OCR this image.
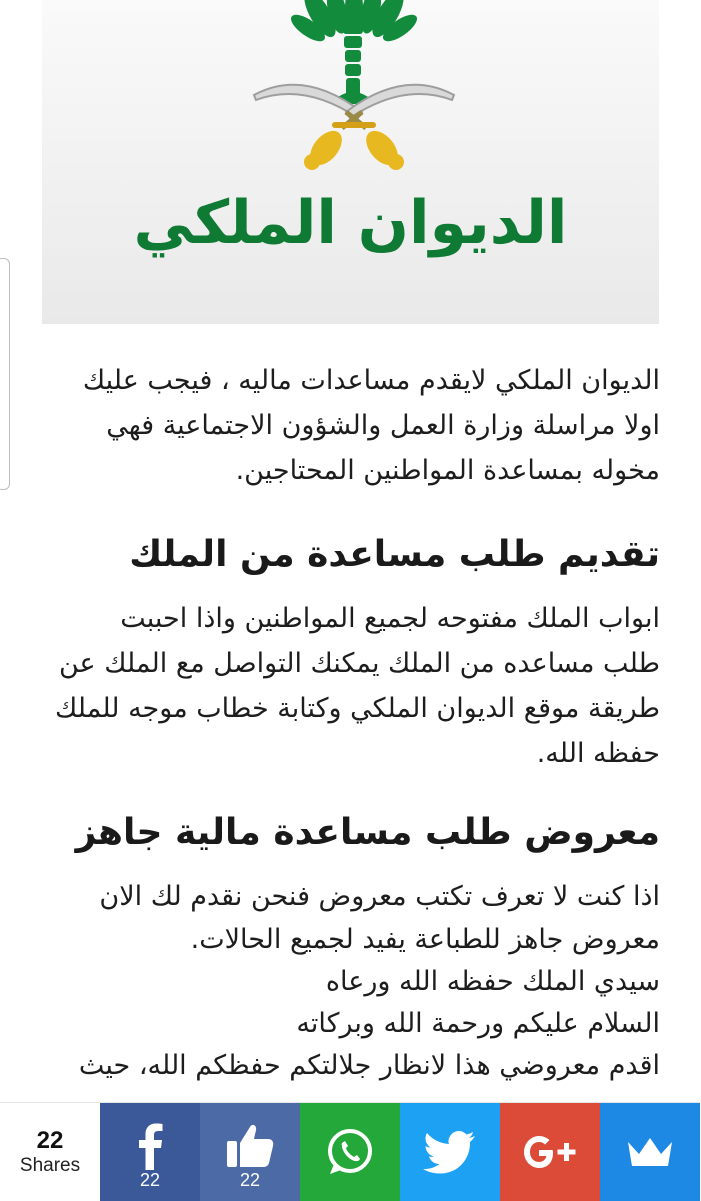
الديوان الملكي

الديوان الملكي لايقدم مساعدات ماليه ، فيجب عليك

اولا مراسلة وزارة العمل والشؤون الاجتماعية فهي

مخوله بمساعدة المواطنين المحتاجين.

تقديم طلب مساعدة من الملك

ابواب الملك مفتوحه لجميع المواطنين واذا احببت

طلب مساعده من الملك يمكنك التواصل مع الملك عن

طريقة موقع الديوان الملكي وكتابة خطاب موجه للملك

حفظه الله.

معروض طلب مساعدة مالية جاهز

اذا كنت لا تعرف تكتب معروض فنحن نقدم لك الان

معروض جاهز للطباعة يفيد لجميع الحالات.

سيدي الملك حفظه الله ورعاه

السلام عليكم ورحمة الله وبركاته

اقدم معروضي هذا لانظار جلالتكم حفظكم الله، حيث

22
Shares
22	22
